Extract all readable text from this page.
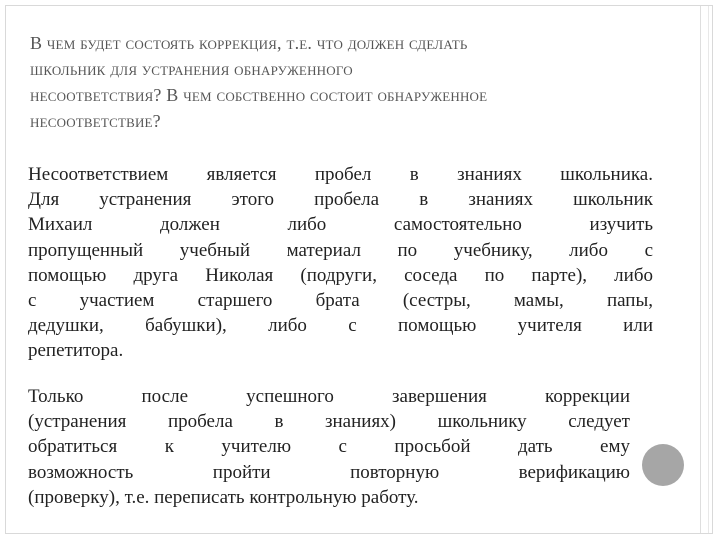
В чем будет состоять коррекция, т.е. что должен сделать
школьник для устранения обнаруженного
несоответствия? В чем собственно состоит обнаруженное
несоответствие?
Несоответствием является пробел в знаниях школьника.
Для устранения этого пробела в знаниях школьник
Михаил должен либо самостоятельно изучить
пропущенный учебный материал по учебнику, либо с
помощью друга Николая (подруги, соседа по парте), либо
с участием старшего брата (сестры, мамы, папы,
дедушки, бабушки), либо с помощью учителя или
репетитора.
Только после успешного завершения коррекции
(устранения пробела в знаниях) школьнику следует
обратиться к учителю с просьбой дать ему
возможность пройти повторную верификацию
(проверку), т.е. переписать контрольную работу.
